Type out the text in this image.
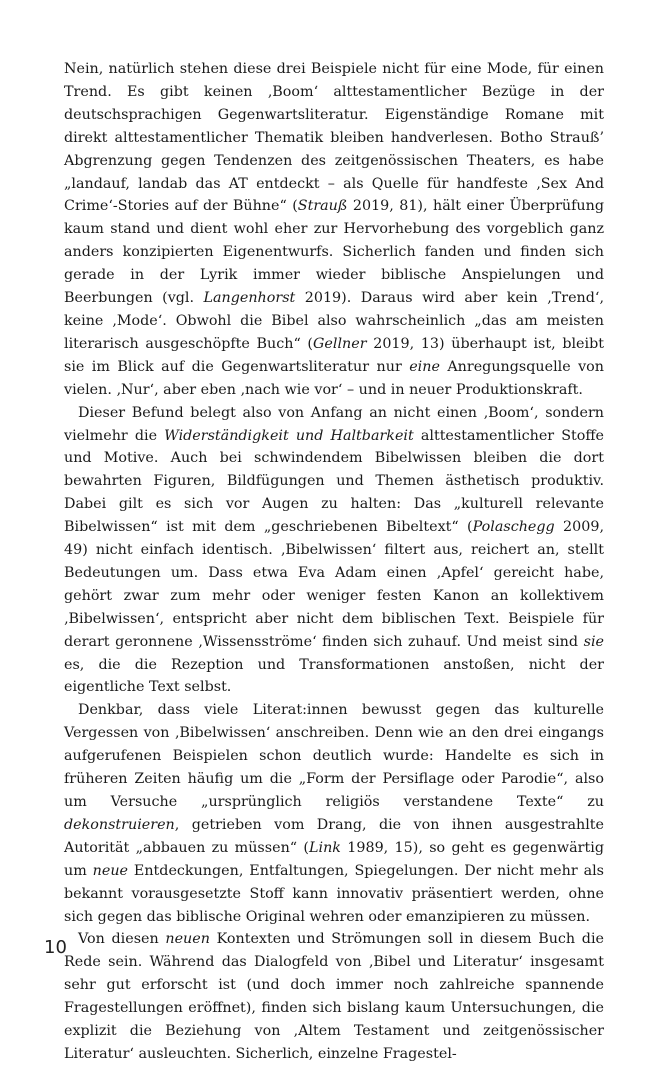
Nein, natürlich stehen diese drei Beispiele nicht für eine Mode, für einen Trend. Es gibt keinen ‚Boom‘ alttestamentlicher Bezüge in der deutschsprachigen Gegenwartsliteratur. Eigenständige Romane mit direkt alttestamentlicher Thematik bleiben handverlesen. Botho Strauß’ Abgrenzung gegen Tendenzen des zeitgenössischen Theaters, es habe „landauf, landab das AT entdeckt – als Quelle für handfeste ‚Sex And Crime‘-Stories auf der Bühne“ (Strauß 2019, 81), hält einer Überprüfung kaum stand und dient wohl eher zur Hervorhebung des vorgeblich ganz anders konzipierten Eigenentwurfs. Sicherlich fanden und finden sich gerade in der Lyrik immer wieder biblische Anspielungen und Beerbungen (vgl. Langenhorst 2019). Daraus wird aber kein ‚Trend‘, keine ‚Mode‘. Obwohl die Bibel also wahrscheinlich „das am meisten literarisch ausgeschöpfte Buch“ (Gellner 2019, 13) überhaupt ist, bleibt sie im Blick auf die Gegenwartsliteratur nur eine Anregungsquelle von vielen. ‚Nur‘, aber eben ‚nach wie vor‘ – und in neuer Produktionskraft.

Dieser Befund belegt also von Anfang an nicht einen ‚Boom‘, sondern vielmehr die Widerständigkeit und Haltbarkeit alttestamentlicher Stoffe und Motive. Auch bei schwindendem Bibelwissen bleiben die dort bewahrten Figuren, Bildfügungen und Themen ästhetisch produktiv. Dabei gilt es sich vor Augen zu halten: Das „kulturell relevante Bibelwissen“ ist mit dem „geschriebenen Bibeltext“ (Polaschegg 2009, 49) nicht einfach identisch. ‚Bibelwissen‘ filtert aus, reichert an, stellt Bedeutungen um. Dass etwa Eva Adam einen ‚Apfel‘ gereicht habe, gehört zwar zum mehr oder weniger festen Kanon an kollektivem ‚Bibelwissen‘, entspricht aber nicht dem biblischen Text. Beispiele für derart geronnene ‚Wissensströme‘ finden sich zuhauf. Und meist sind sie es, die die Rezeption und Transformationen anstoßen, nicht der eigentliche Text selbst.

Denkbar, dass viele Literat:innen bewusst gegen das kulturelle Vergessen von ‚Bibelwissen‘ anschreiben. Denn wie an den drei eingangs aufgerufenen Beispielen schon deutlich wurde: Handelte es sich in früheren Zeiten häufig um die „Form der Persiflage oder Parodie“, also um Versuche „ursprünglich religiös verstandene Texte“ zu dekonstruieren, getrieben vom Drang, die von ihnen ausgestrahlte Autorität „abbauen zu müssen“ (Link 1989, 15), so geht es gegenwärtig um neue Entdeckungen, Entfaltungen, Spiegelungen. Der nicht mehr als bekannt vorausgesetzte Stoff kann innovativ präsentiert werden, ohne sich gegen das biblische Original wehren oder emanzipieren zu müssen.

Von diesen neuen Kontexten und Strömungen soll in diesem Buch die Rede sein. Während das Dialogfeld von ‚Bibel und Literatur‘ insgesamt sehr gut erforscht ist (und doch immer noch zahlreiche spannende Fragestellungen eröffnet), finden sich bislang kaum Untersuchungen, die explizit die Beziehung von ‚Altem Testament und zeitgenössischer Literatur‘ ausleuchten. Sicherlich, einzelne Fragestel-

10
